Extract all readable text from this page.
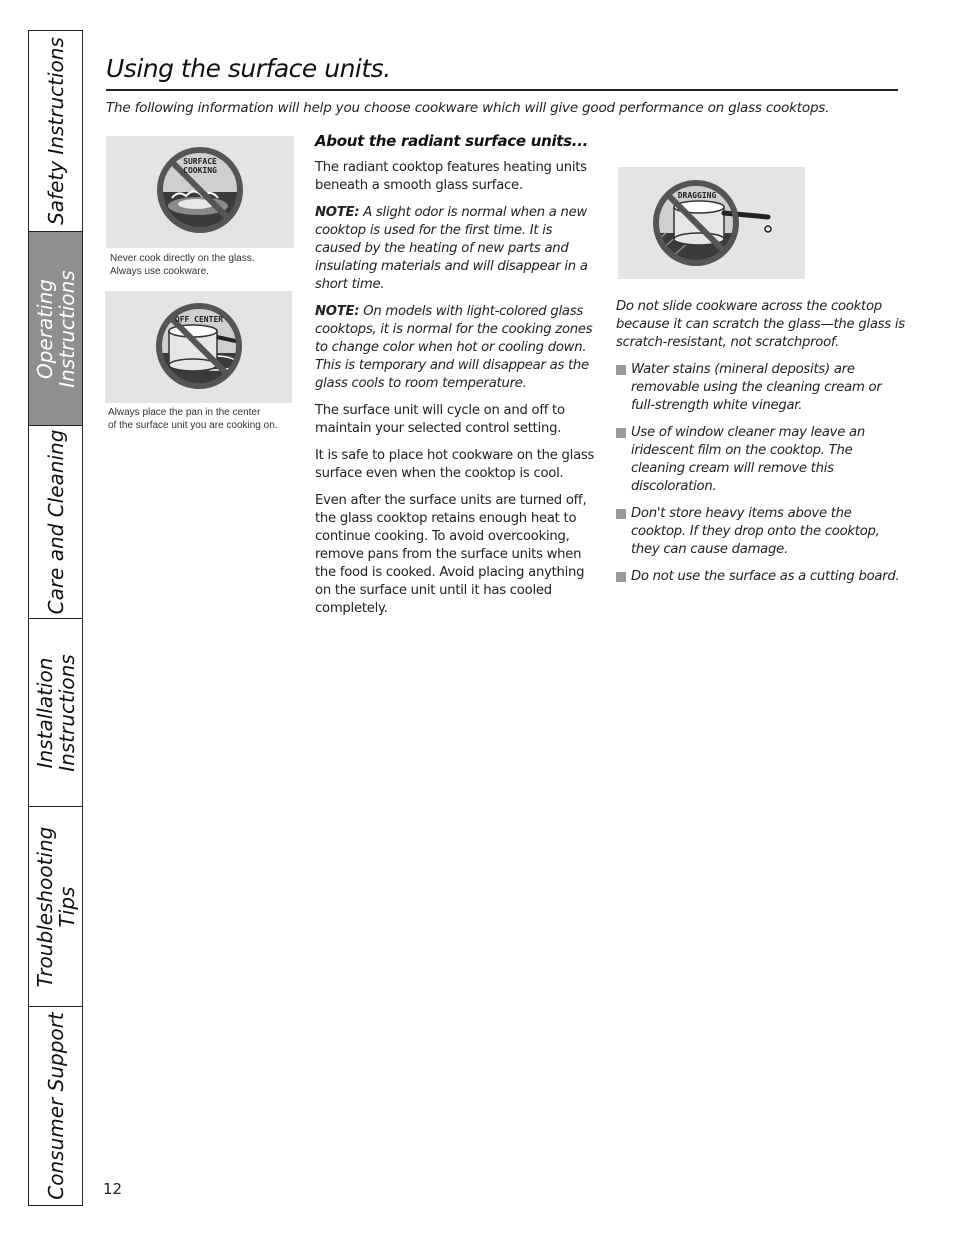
Safety Instructions
Operating
Instructions
Care and Cleaning
Installation
Instructions
Troubleshooting
Tips
Consumer Support
Using the surface units.
The following information will help you choose cookware which will give good performance on glass cooktops.
SURFACE
COOKING
Never cook directly on the glass.
Always use cookware.
OFF CENTER
Always place the pan in the center
of the surface unit you are cooking on.

About the radiant surface units...

The radiant cooktop features heating units beneath a smooth glass surface.

NOTE: A slight odor is normal when a new cooktop is used for the first time. It is caused by the heating of new parts and insulating materials and will disappear in a short time.

NOTE: On models with light-colored glass cooktops, it is normal for the cooking zones to change color when hot or cooling down. This is temporary and will disappear as the glass cools to room temperature.

The surface unit will cycle on and off to maintain your selected control setting.

It is safe to place hot cookware on the glass surface even when the cooktop is cool.

Even after the surface units are turned off, the glass cooktop retains enough heat to continue cooking. To avoid overcooking, remove pans from the surface units when the food is cooked. Avoid placing anything on the surface unit until it has cooled completely.

DRAGGING

Do not slide cookware across the cooktop because it can scratch the glass—the glass is scratch-resistant, not scratchproof.

Water stains (mineral deposits) are removable using the cleaning cream or full-strength white vinegar.
Use of window cleaner may leave an iridescent film on the cooktop. The cleaning cream will remove this discoloration.
Don't store heavy items above the cooktop. If they drop onto the cooktop, they can cause damage.
Do not use the surface as a cutting board.
12
